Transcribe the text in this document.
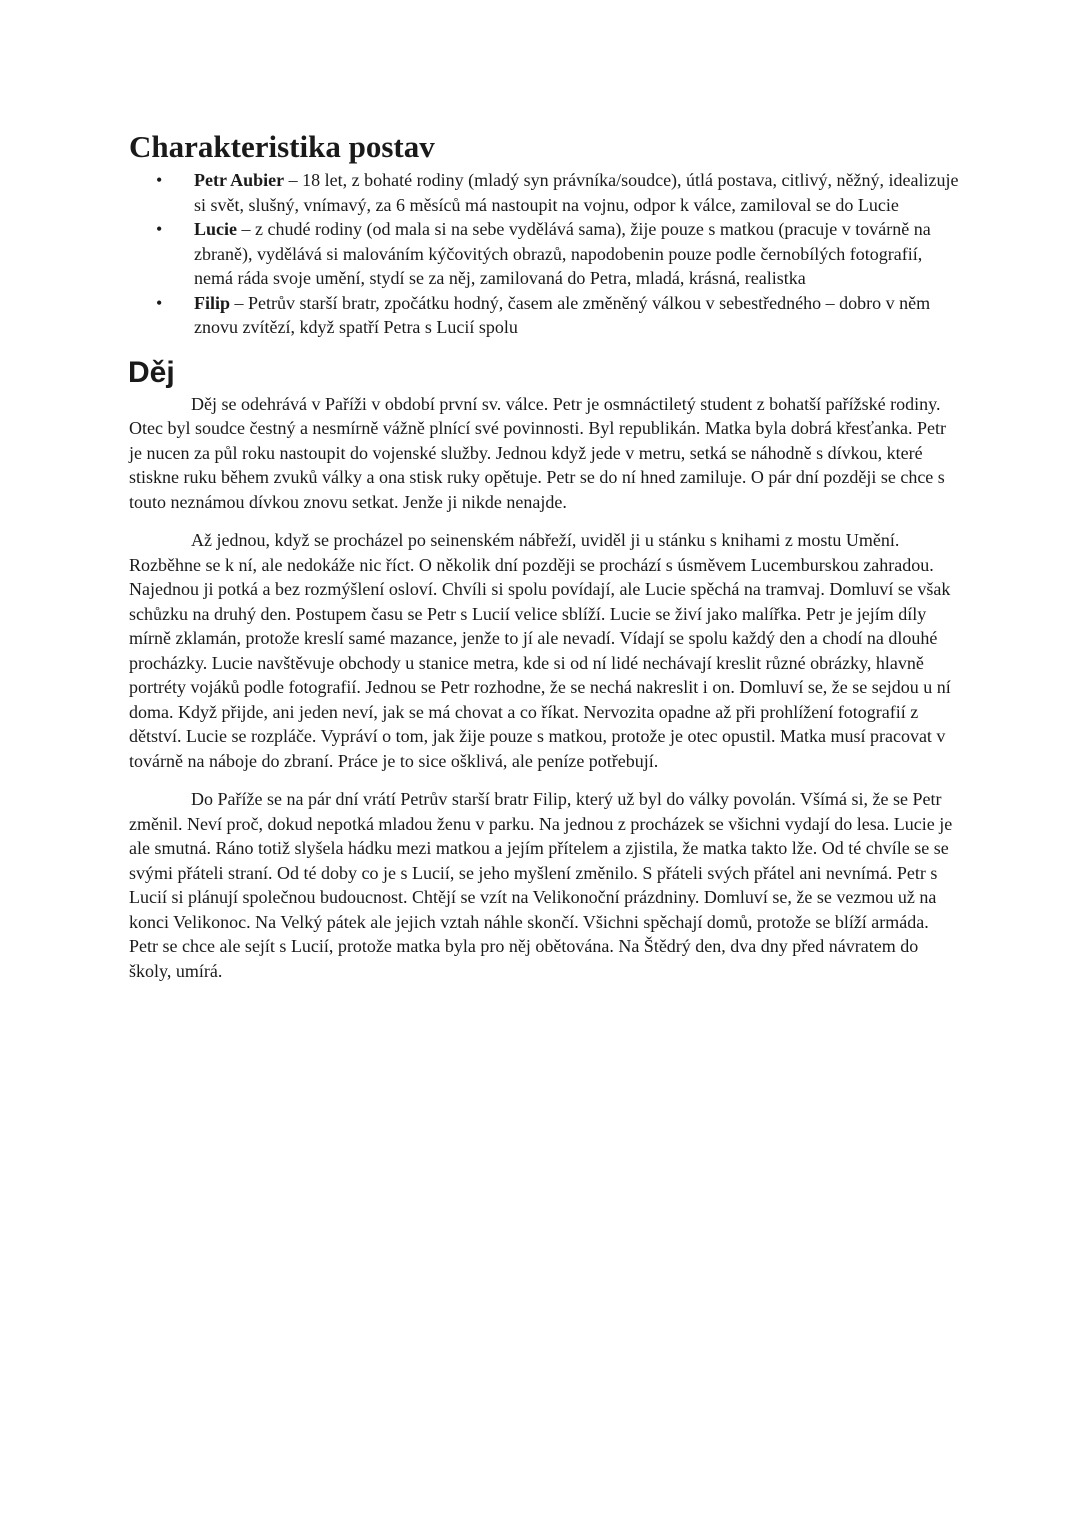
Charakteristika postav
• Petr Aubier – 18 let, z bohaté rodiny (mladý syn právníka/soudce), útlá postava, citlivý, něžný, idealizuje si svět, slušný, vnímavý, za 6 měsíců má nastoupit na vojnu, odpor k válce, zamiloval se do Lucie
• Lucie – z chudé rodiny (od mala si na sebe vydělává sama), žije pouze s matkou (pracuje v továrně na zbraně), vydělává si malováním kýčovitých obrazů, napodobenin pouze podle černobílých fotografií, nemá ráda svoje umění, stydí se za něj, zamilovaná do Petra, mladá, krásná, realistka
• Filip – Petrův starší bratr, zpočátku hodný, časem ale změněný válkou v sebestředného – dobro v něm znovu zvítězí, když spatří Petra s Lucií spolu
Děj

Děj se odehrává v Paříži v období první sv. válce. Petr je osmnáctiletý student z bohatší pařížské rodiny. Otec byl soudce čestný a nesmírně vážně plnící své povinnosti. Byl republikán. Matka byla dobrá křesťanka. Petr je nucen za půl roku nastoupit do vojenské služby. Jednou když jede v metru, setká se náhodně s dívkou, které stiskne ruku během zvuků války a ona stisk ruky opětuje. Petr se do ní hned zamiluje. O pár dní později se chce s touto neznámou dívkou znovu setkat. Jenže ji nikde nenajde.

Až jednou, když se procházel po seinenském nábřeží, uviděl ji u stánku s knihami z mostu Umění. Rozběhne se k ní, ale nedokáže nic říct. O několik dní později se prochází s úsměvem Lucemburskou zahradou. Najednou ji potká a bez rozmýšlení osloví. Chvíli si spolu povídají, ale Lucie spěchá na tramvaj. Domluví se však schůzku na druhý den. Postupem času se Petr s Lucií velice sblíží. Lucie se živí jako malířka. Petr je jejím díly mírně zklamán, protože kreslí samé mazance, jenže to jí ale nevadí. Vídají se spolu každý den a chodí na dlouhé procházky. Lucie navštěvuje obchody u stanice metra, kde si od ní lidé nechávají kreslit různé obrázky, hlavně portréty vojáků podle fotografií. Jednou se Petr rozhodne, že se nechá nakreslit i on. Domluví se, že se sejdou u ní doma. Když přijde, ani jeden neví, jak se má chovat a co říkat. Nervozita opadne až při prohlížení fotografií z dětství. Lucie se rozpláče. Vypráví o tom, jak žije pouze s matkou, protože je otec opustil. Matka musí pracovat v továrně na náboje do zbraní. Práce je to sice ošklivá, ale peníze potřebují.

Do Paříže se na pár dní vrátí Petrův starší bratr Filip, který už byl do války povolán. Všímá si, že se Petr změnil. Neví proč, dokud nepotká mladou ženu v parku. Na jednou z procházek se všichni vydají do lesa. Lucie je ale smutná. Ráno totiž slyšela hádku mezi matkou a jejím přítelem a zjistila, že matka takto lže. Od té chvíle se se svými přáteli straní. Od té doby co je s Lucií, se jeho myšlení změnilo. S přáteli svých přátel ani nevnímá. Petr s Lucií si plánují společnou budoucnost. Chtějí se vzít na Velikonoční prázdniny. Domluví se, že se vezmou už na konci Velikonoc. Na Velký pátek ale jejich vztah náhle skončí. Všichni spěchají domů, protože se blíží armáda. Petr se chce ale sejít s Lucií, protože matka byla pro něj obětována. Na Štědrý den, dva dny před návratem do školy, umírá.
